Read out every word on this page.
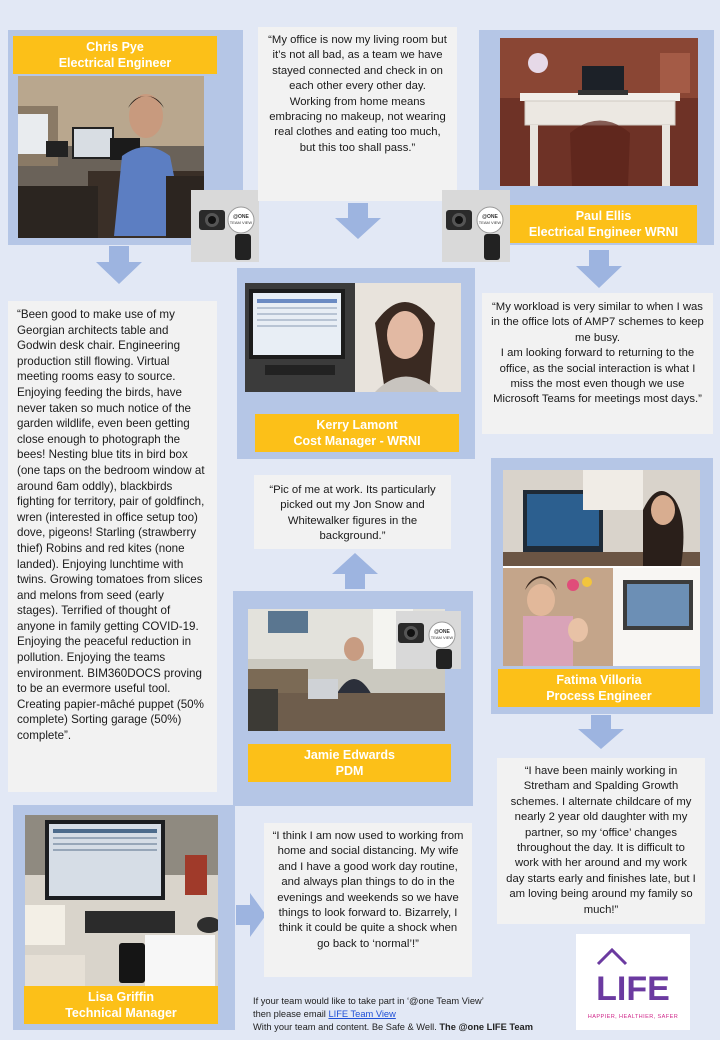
Chris Pye
Electrical Engineer
@ONE
TEAM VIEW
“Been good to make use of my Georgian architects table and Godwin desk chair. Engineering production still flowing. Virtual meeting rooms easy to source. Enjoying feeding the birds, have never taken so much notice of the garden wildlife, even been getting close enough to photograph the bees! Nesting blue tits in bird box (one taps on the bedroom window at around 6am oddly), blackbirds fighting for territory, pair of goldfinch, wren (interested in office setup too) dove, pigeons! Starling (strawberry thief) Robins and red kites (none landed). Enjoying lunchtime with twins. Growing tomatoes from slices and melons from seed (early stages). Terrified of thought of anyone in family getting COVID-19. Enjoying the peaceful reduction in pollution. Enjoying the teams environment. BIM360DOCS proving to be an evermore useful tool. Creating papier-mâché puppet (50% complete) Sorting garage (50%) complete”.
“My office is now my living room but it’s not all bad, as a team we have stayed connected and check in on each other every other day. Working from home means embracing no makeup, not wearing real clothes and eating too much, but this too shall pass.”
@ONE
TEAM VIEW	Paul Ellis
Electrical Engineer WRNI
“My workload is very similar to when I was in the office lots of AMP7 schemes to keep me busy.
I am looking forward to returning to the office, as the social interaction is what I miss the most even though we use Microsoft Teams for meetings most days.”
Kerry Lamont
Cost Manager - WRNI
“Pic of me at work. Its particularly picked out my Jon Snow and Whitewalker figures in the background.”
Fatima Villoria
Process Engineer
“I have been mainly working in Stretham and Spalding Growth schemes. I alternate childcare of my nearly 2 year old daughter with my partner, so my ‘office’ changes throughout the day. It is difficult to work with her around and my work day starts early and finishes late, but I am loving being around my family so much!”
@ONE
TEAM VIEW
Jamie Edwards
PDM
Lisa Griffin
Technical Manager
“I think I am now used to working from home and social distancing. My wife and I have a good work day routine, and always plan things to do in the evenings and weekends so we have things to look forward to. Bizarrely, I think it could be quite a shock when go back to ‘normal’!”
LIFE
HAPPIER, HEALTHIER, SAFER
If your team would like to take part in ‘@one Team View’
then please email LIFE Team View
With your team and content. Be Safe & Well. The @one LIFE Team
